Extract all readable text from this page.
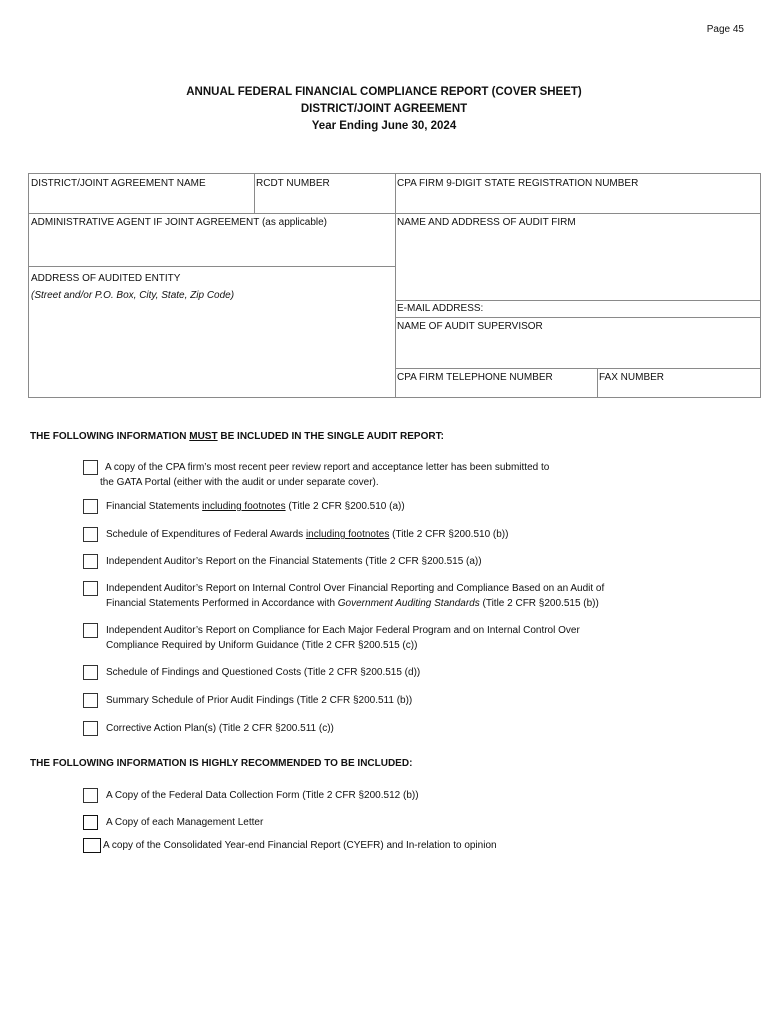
Page 45
ANNUAL FEDERAL FINANCIAL COMPLIANCE REPORT (COVER SHEET)
DISTRICT/JOINT AGREEMENT
Year Ending June 30, 2024
DISTRICT/JOINT AGREEMENT NAME	RCDT NUMBER	CPA FIRM 9-DIGIT STATE REGISTRATION NUMBER
ADMINISTRATIVE AGENT IF JOINT AGREEMENT (as applicable)	NAME AND ADDRESS OF AUDIT FIRM
ADDRESS OF AUDITED ENTITY
(Street and/or P.O. Box, City, State, Zip Code)
E-MAIL ADDRESS:
NAME OF AUDIT SUPERVISOR
CPA FIRM TELEPHONE NUMBER	FAX NUMBER
THE FOLLOWING INFORMATION MUST BE INCLUDED IN THE SINGLE AUDIT REPORT:
A copy of the CPA firm’s most recent peer review report and acceptance letter has been submitted to
the GATA Portal (either with the audit or under separate cover).
Financial Statements including footnotes (Title 2 CFR §200.510 (a))
Schedule of Expenditures of Federal Awards including footnotes (Title 2 CFR §200.510 (b))
Independent Auditor’s Report on the Financial Statements (Title 2 CFR §200.515 (a))
Independent Auditor’s Report on Internal Control Over Financial Reporting and Compliance Based on an Audit of
Financial Statements Performed in Accordance with Government Auditing Standards (Title 2 CFR §200.515 (b))
Independent Auditor’s Report on Compliance for Each Major Federal Program and on Internal Control Over
Compliance Required by Uniform Guidance (Title 2 CFR §200.515 (c))
Schedule of Findings and Questioned Costs (Title 2 CFR §200.515 (d))
Summary Schedule of Prior Audit Findings (Title 2 CFR §200.511 (b))
Corrective Action Plan(s) (Title 2 CFR §200.511 (c))
THE FOLLOWING INFORMATION IS HIGHLY RECOMMENDED TO BE INCLUDED:
A Copy of the Federal Data Collection Form (Title 2 CFR §200.512 (b))
A Copy of each Management Letter
A copy of the Consolidated Year-end Financial Report (CYEFR) and In-relation to opinion
